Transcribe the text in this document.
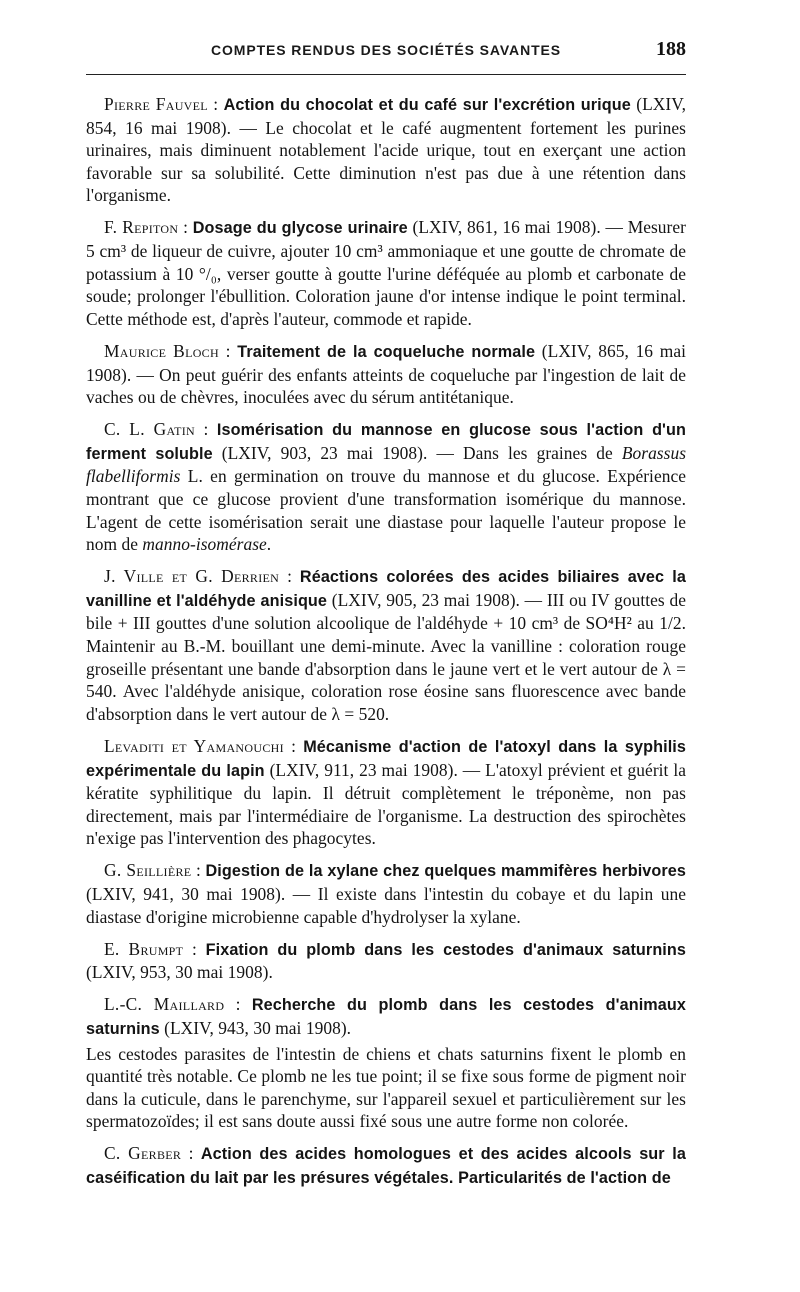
COMPTES RENDUS DES SOCIÉTÉS SAVANTES	188

Pierre Fauvel : Action du chocolat et du café sur l'excrétion urique (LXIV, 854, 16 mai 1908). — Le chocolat et le café augmentent fortement les purines urinaires, mais diminuent notablement l'acide urique, tout en exerçant une action favorable sur sa solubilité. Cette diminution n'est pas due à une rétention dans l'organisme.

F. Repiton : Dosage du glycose urinaire (LXIV, 861, 16 mai 1908). — Mesurer 5 cm³ de liqueur de cuivre, ajouter 10 cm³ ammoniaque et une goutte de chromate de potassium à 10 °/₀, verser goutte à goutte l'urine déféquée au plomb et carbonate de soude; prolonger l'ébullition. Coloration jaune d'or intense indique le point terminal. Cette méthode est, d'après l'auteur, commode et rapide.

Maurice Bloch : Traitement de la coqueluche normale (LXIV, 865, 16 mai 1908). — On peut guérir des enfants atteints de coqueluche par l'ingestion de lait de vaches ou de chèvres, inoculées avec du sérum antitétanique.

C. L. Gatin : Isomérisation du mannose en glucose sous l'action d'un ferment soluble (LXIV, 903, 23 mai 1908). — Dans les graines de Borassus flabelliformis L. en germination on trouve du mannose et du glucose. Expérience montrant que ce glucose provient d'une transformation isomérique du mannose. L'agent de cette isomérisation serait une diastase pour laquelle l'auteur propose le nom de manno-isomérase.

J. Ville et G. Derrien : Réactions colorées des acides biliaires avec la vanilline et l'aldéhyde anisique (LXIV, 905, 23 mai 1908). — III ou IV gouttes de bile + III gouttes d'une solution alcoolique de l'aldéhyde + 10 cm³ de SO⁴H² au 1/2. Maintenir au B.-M. bouillant une demi-minute. Avec la vanilline : coloration rouge groseille présentant une bande d'absorption dans le jaune vert et le vert autour de λ = 540. Avec l'aldéhyde anisique, coloration rose éosine sans fluorescence avec bande d'absorption dans le vert autour de λ = 520.

Levaditi et Yamanouchi : Mécanisme d'action de l'atoxyl dans la syphilis expérimentale du lapin (LXIV, 911, 23 mai 1908). — L'atoxyl prévient et guérit la kératite syphilitique du lapin. Il détruit complètement le tréponème, non pas directement, mais par l'intermédiaire de l'organisme. La destruction des spirochètes n'exige pas l'intervention des phagocytes.

G. Seillière : Digestion de la xylane chez quelques mammifères herbivores (LXIV, 941, 30 mai 1908). — Il existe dans l'intestin du cobaye et du lapin une diastase d'origine microbienne capable d'hydrolyser la xylane.

E. Brumpt : Fixation du plomb dans les cestodes d'animaux saturnins (LXIV, 953, 30 mai 1908).

L.-C. Maillard : Recherche du plomb dans les cestodes d'animaux saturnins (LXIV, 943, 30 mai 1908).

Les cestodes parasites de l'intestin de chiens et chats saturnins fixent le plomb en quantité très notable. Ce plomb ne les tue point; il se fixe sous forme de pigment noir dans la cuticule, dans le parenchyme, sur l'appareil sexuel et particulièrement sur les spermatozoïdes; il est sans doute aussi fixé sous une autre forme non colorée.

C. Gerber : Action des acides homologues et des acides alcools sur la caséification du lait par les présures végétales. Particularités de l'action de
